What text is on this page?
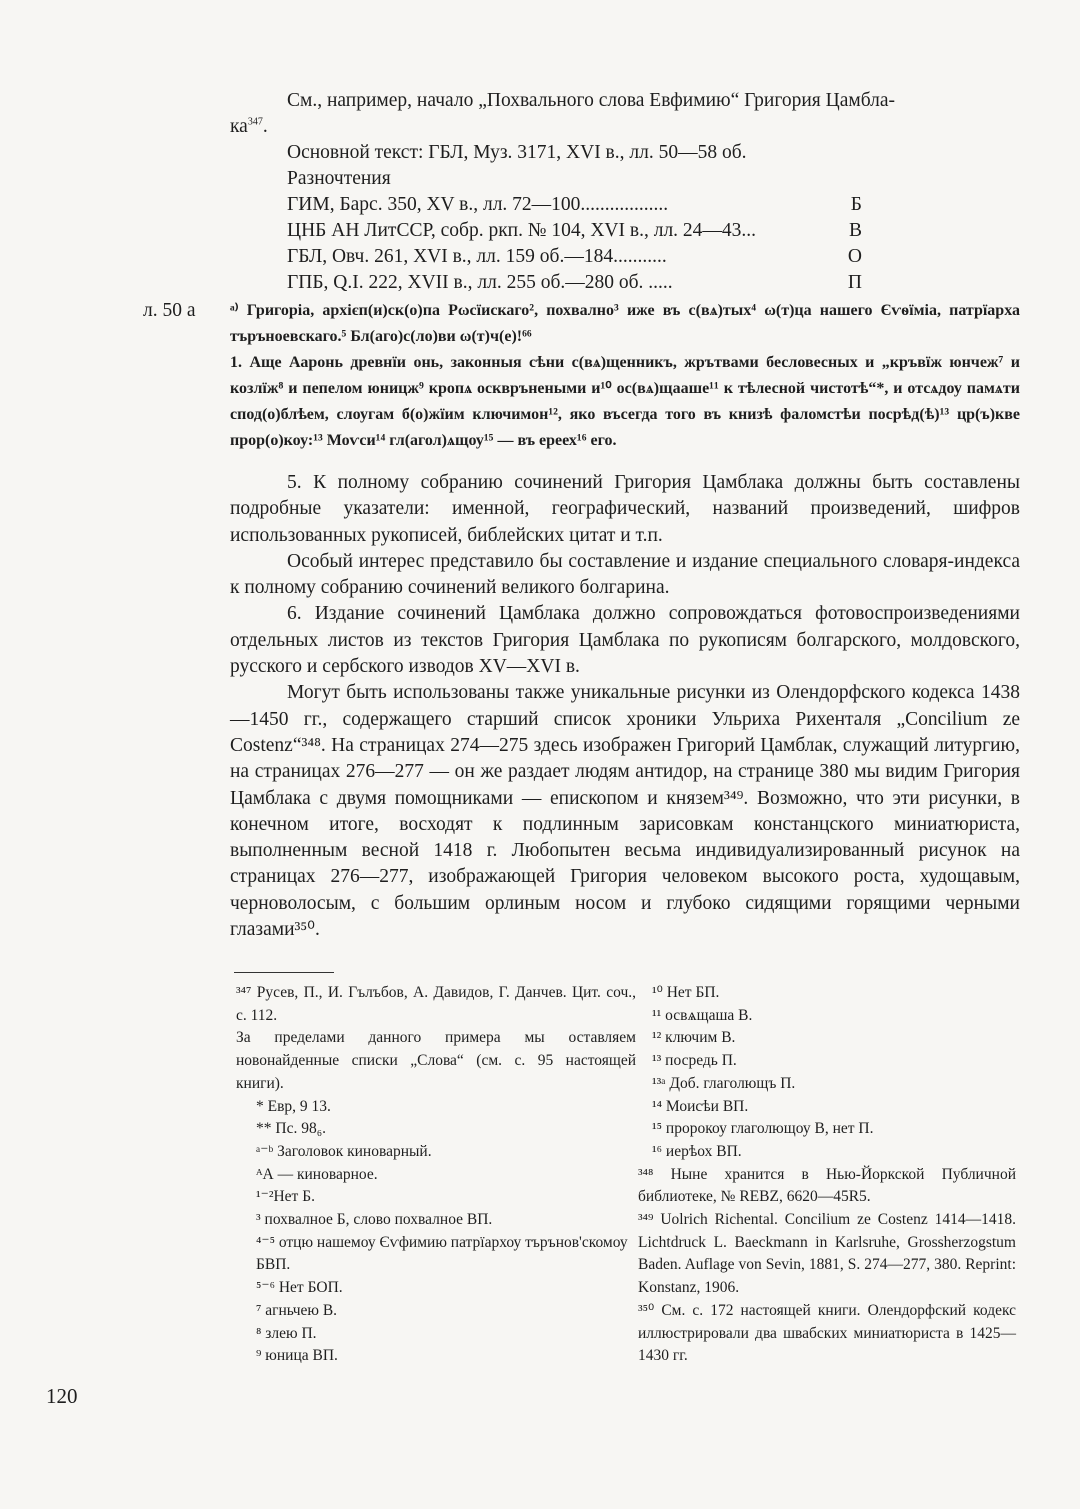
См., например, начало „Похвального слова Евфимию“ Григория Цамбла-

$ка^{347}$.

Основной текст: ГБЛ, Муз. 3171, XVI в., лл. 50—58 об.

Разночтения

ГИМ, Барс. 350, XV в., лл. 72—100..................	Б
ЦНБ АН ЛитССР, собр. ркп. № 104, XVI в., лл. 24—43...	В
ГБЛ, Овч. 261, XVI в., лл. 159 об.—184...........	О
ГПБ, Q.I. 222, XVII в., лл. 255 об.—280 об. .....	П
л. 50 а ᵃ⁾ Григоріа, архієп(и)ск(о)па Рωсїискаго², похвално³ иже въ с(вѧ)тых⁴ ω(т)ца нашего Єѵѳїміа, патрїарха търъноевскаго.⁵ Бл(аго)с(ло)ви ω(т)ч(е)!⁶⁶

1. Аще Ааронь древнїи онь, законныя сѣни с(вѧ)щенникъ, жрътвами бесловесных и „кръвїж юнчеж⁷ и козлїж⁸ и пепелом юницж⁹ кропѧ оскврънеными и¹⁰ ос(вѧ)щааше¹¹ к тѣлесной чистотѣ“*, и отсѧдоу памѧти спод(о)блѣем, слоугам б(о)жїим ключимон¹², яко въсегда того въ книзѣ фаломстѣи посрѣд(ѣ)¹³ цр(ъ)кве прор(о)коу:¹³ Моѵси¹⁴ гл(агол)ѧщоу¹⁵ — въ ереех¹⁶ его.

5. К полному собранию сочинений Григория Цамблака должны быть составлены подробные указатели: именной, географический, названий произведений, шифров использованных рукописей, библейских цитат и т.п.

Особый интерес представило бы составление и издание специального словаря-индекса к полному собранию сочинений великого болгарина.

6. Издание сочинений Цамблака должно сопровождаться фотовоспроизведениями отдельных листов из текстов Григория Цамблака по рукописям болгарского, молдовского, русского и сербского изводов XV—XVI в.

Могут быть использованы также уникальные рисунки из Олендорфского кодекса 1438—1450 гг., содержащего старший список хроники Ульриха Рихенталя „Concilium ze Costenz“³⁴⁸. На страницах 274—275 здесь изображен Григорий Цамблак, служащий литургию, на страницах 276—277 — он же раздает людям антидор, на странице 380 мы видим Григория Цамблака с двумя помощниками — епископом и князем³⁴⁹. Возможно, что эти рисунки, в конечном итоге, восходят к подлинным зарисовкам констанцского миниатюриста, выполненным весной 1418 г. Любопытен весьма индивидуализированный рисунок на страницах 276—277, изображающей Григория человеком высокого роста, худощавым, черноволосым, с большим орлиным носом и глубоко сидящими горящими черными глазами³⁵⁰.

³⁴⁷ Русев, П., И. Гълъбов, А. Давидов, Г. Данчев. Цит. соч., с. 112.

За пределами данного примера мы оставляем новонайденные списки „Слова“ (см. с. 95 настоящей книги).

* Евр, 9 13.

** Пс. 98₆.

ᵃ⁻ᵇ Заголовок киноварный.

ᴬА — киноварное.

¹⁻²Нет Б.

³ похвалное Б, слово похвалное ВП.

⁴⁻⁵ отцю нашемоу Єѵфимию патрїархоу търънов'скомоу БВП.

⁵⁻⁶ Нет БОП.

⁷ агньчею В.

⁸ злею П.

⁹ юница ВП.

¹⁰ Нет БП.

¹¹ освѧщаша В.

¹² ключим В.

¹³ посредь П.

¹³ᵃ Доб. глаголющъ П.

¹⁴ Моисѣи ВП.

¹⁵ пророкоу глаголющоу В, нет П.

¹⁶ иерѣох ВП.

³⁴⁸ Ныне хранится в Нью-Йоркской Публичной библиотеке, № REBZ, 6620—45R5.

³⁴⁹ Uolrich Richental. Concilium ze Costenz 1414—1418. Lichtdruck L. Baeckmann in Karlsruhe, Grossherzogstum Baden. Auflage von Sevin, 1881, S. 274—277, 380. Reprint: Konstanz, 1906.

³⁵⁰ См. с. 172 настоящей книги. Олендорфский кодекс иллюстрировали два швабских миниатюриста в 1425—1430 гг.

120
